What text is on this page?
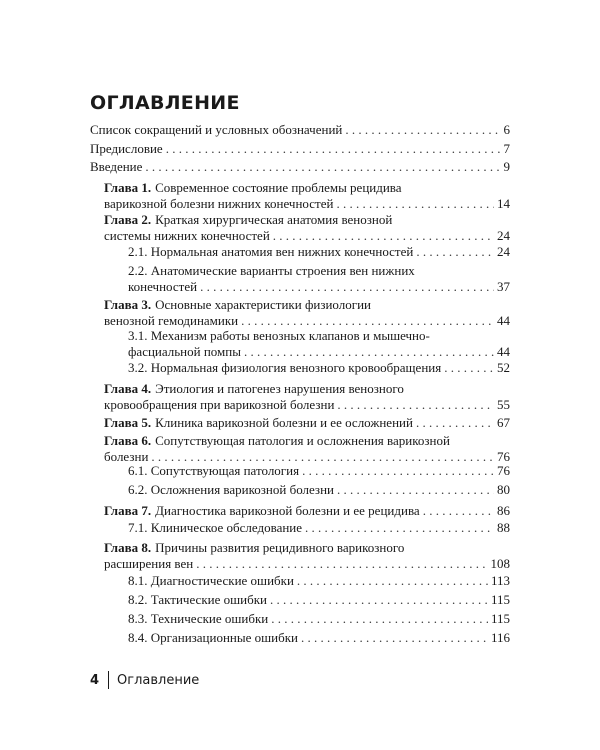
ОГЛАВЛЕНИЕ
Список сокращений и условных обозначений . . .	6
Предисловие . . .	7
Введение . . .	9
Глава 1. Современное состояние проблемы рецидива
варикозной болезни нижних конечностей . . .	14
Глава 2. Краткая хирургическая анатомия венозной
системы нижних конечностей . . .	24
2.1. Нормальная анатомия вен нижних конечностей . . .	24
2.2. Анатомические варианты строения вен нижних
конечностей . . .	37
Глава 3. Основные характеристики физиологии
венозной гемодинамики . . .	44
3.1. Механизм работы венозных клапанов и мышечно-
фасциальной помпы . . .	44
3.2. Нормальная физиология венозного кровообращения . . .	52
Глава 4. Этиология и патогенез нарушения венозного
кровообращения при варикозной болезни . . .	55
Глава 5. Клиника варикозной болезни и ее осложнений . . .	67
Глава 6. Сопутствующая патология и осложнения варикозной
болезни . . .	76
6.1. Сопутствующая патология . . .	76
6.2. Осложнения варикозной болезни . . .	80
Глава 7. Диагностика варикозной болезни и ее рецидива . . .	86
7.1. Клиническое обследование . . .	88
Глава 8. Причины развития рецидивного варикозного
расширения вен . . .	108
8.1. Диагностические ошибки . . .	113
8.2. Тактические ошибки . . .	115
8.3. Технические ошибки . . .	115
8.4. Организационные ошибки . . .	116
4 Оглавление
